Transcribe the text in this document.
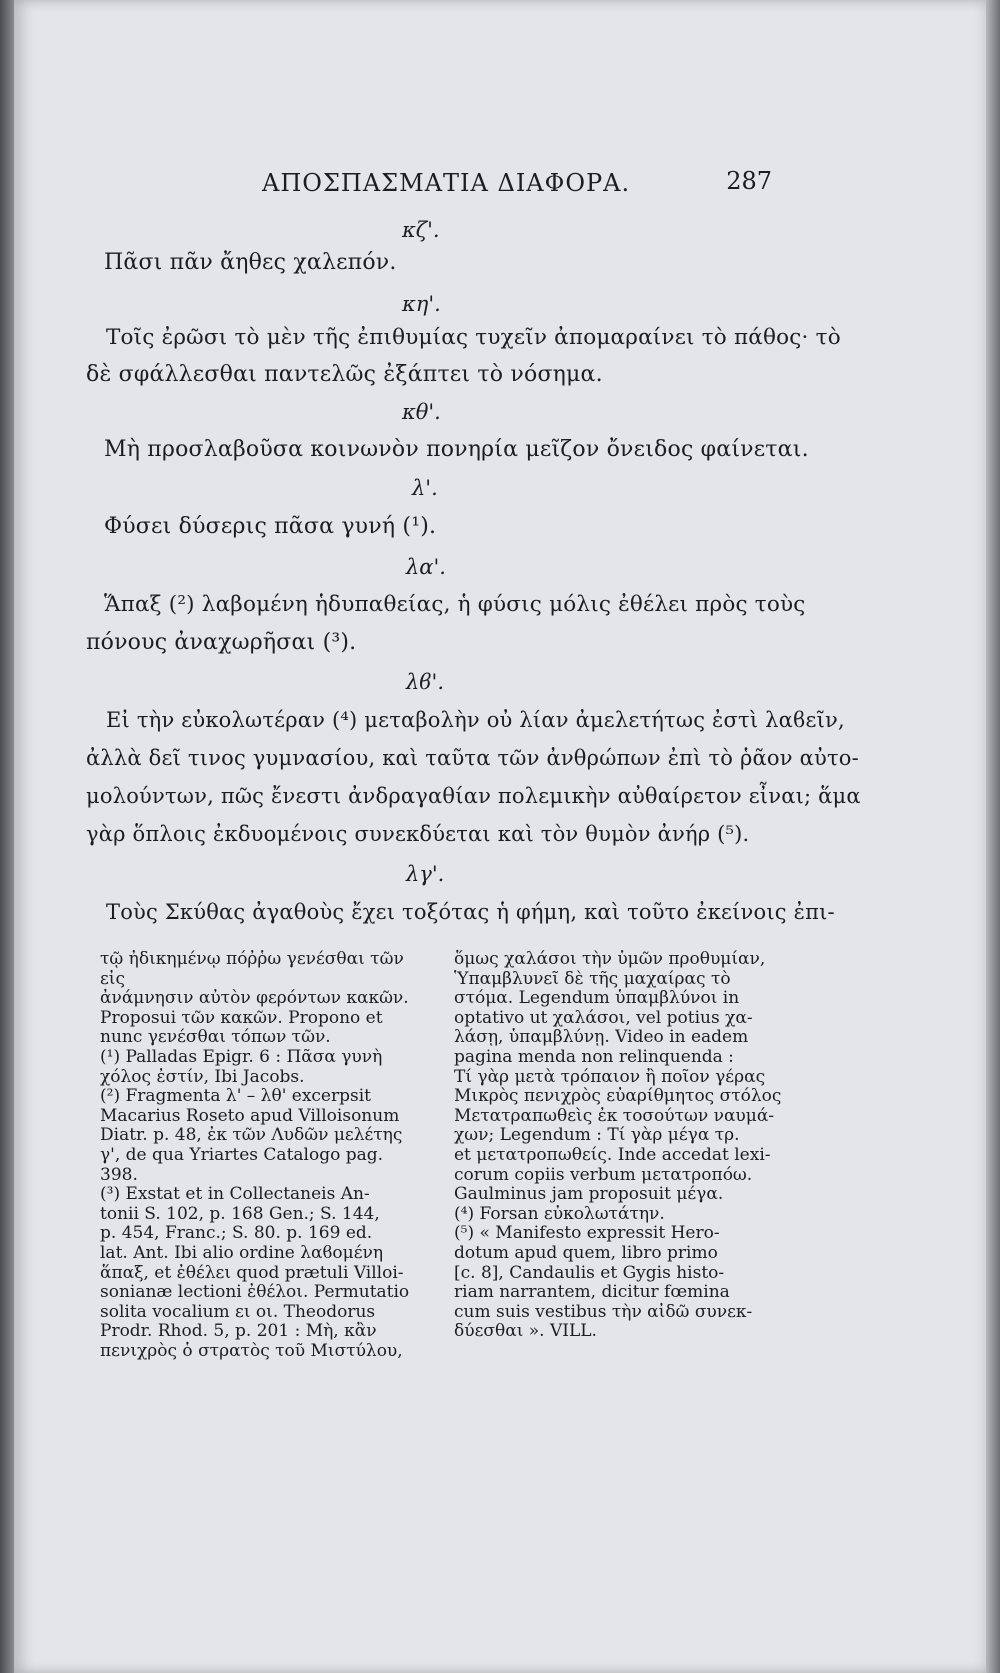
ΑΠΟΣΠΑΣΜΑΤΙΑ ΔΙΑΦΟΡΑ.	287
κζ'.
Πᾶσι πᾶν ἄηθες χαλεπόν.
κη'.
Τοῖς ἐρῶσι τὸ μὲν τῆς ἐπιθυμίας τυχεῖν ἀπομαραίνει τὸ πάθος· τὸ
δὲ σφάλλεσθαι παντελῶς ἐξάπτει τὸ νόσημα.
κθ'.
Μὴ προσλαβοῦσα κοινωνὸν πονηρία μεῖζον ὄνειδος φαίνεται.
λ'.
Φύσει δύσερις πᾶσα γυνή (¹).
λα'.
Ἅπαξ (²) λαβομένη ἡδυπαθείας, ἡ φύσις μόλις ἐθέλει πρὸς τοὺς
πόνους ἀναχωρῆσαι (³).
λϐ'.
Εἰ τὴν εὐκολωτέραν (⁴) μεταβολὴν οὐ λίαν ἀμελετήτως ἐστὶ λαϐεῖν,
ἀλλὰ δεῖ τινος γυμνασίου, καὶ ταῦτα τῶν ἀνθρώπων ἐπὶ τὸ ῥᾶον αὐτο-
μολούντων, πῶς ἔνεστι ἀνδραγαθίαν πολεμικὴν αὐθαίρετον εἶναι; ἅμα
γὰρ ὅπλοις ἐκδυομένοις συνεκδύεται καὶ τὸν θυμὸν ἀνήρ (⁵).
λγ'.
Τοὺς Σκύθας ἀγαθοὺς ἔχει τοξότας ἡ φήμη, καὶ τοῦτο ἐκείνοις ἐπι-

τῷ ἠδικημένῳ πόῤῥω γενέσθαι τῶν εἰς

ἀνάμνησιν αὐτὸν φερόντων κακῶν.

Proposui τῶν κακῶν. Propono et

nunc γενέσθαι τόπων τῶν.

(¹) Palladas Epigr. 6 : Πᾶσα γυνὴ

χόλος ἐστίν, Ibi Jacobs.

(²) Fragmenta λ' – λθ' excerpsit

Macarius Roseto apud Villoisonum

Diatr. p. 48, ἐκ τῶν Λυδῶν μελέτης

γ', de qua Yriartes Catalogo pag.

398.

(³) Exstat et in Collectaneis An-

tonii S. 102, p. 168 Gen.; S. 144,

p. 454, Franc.; S. 80. p. 169 ed.

lat. Ant. Ibi alio ordine λαϐομένη

ἅπαξ, et ἐθέλει quod prætuli Villoi-

sonianæ lectioni ἐθέλοι. Permutatio

solita vocalium ει οι. Theodorus

Prodr. Rhod. 5, p. 201 : Μὴ, κἂν

πενιχρὸς ὁ στρατὸς τοῦ Μιστύλου,

ὅμως χαλάσοι τὴν ὑμῶν προθυμίαν,

Ὑπαμβλυνεῖ δὲ τῆς μαχαίρας τὸ

στόμα. Legendum ὑπαμβλύνοι in

optativo ut χαλάσοι, vel potius χα-

λάσῃ, ὑπαμβλύνῃ. Video in eadem

pagina menda non relinquenda :

Τί γὰρ μετὰ τρόπαιον ἢ ποῖον γέρας

Μικρὸς πενιχρὸς εὐαρίθμητος στόλος

Μετατραπωθεὶς ἐκ τοσούτων ναυμά-

χων; Legendum : Τί γὰρ μέγα τρ.

et μετατροπωθείς. Inde accedat lexi-

corum copiis verbum μετατροπόω.

Gaulminus jam proposuit μέγα.

(⁴) Forsan εὐκολωτάτην.

(⁵) « Manifesto expressit Hero-

dotum apud quem, libro primo

[c. 8], Candaulis et Gygis histo-

riam narrantem, dicitur fœmina

cum suis vestibus τὴν αἰδῶ συνεκ-

δύεσθαι ». VILL.
